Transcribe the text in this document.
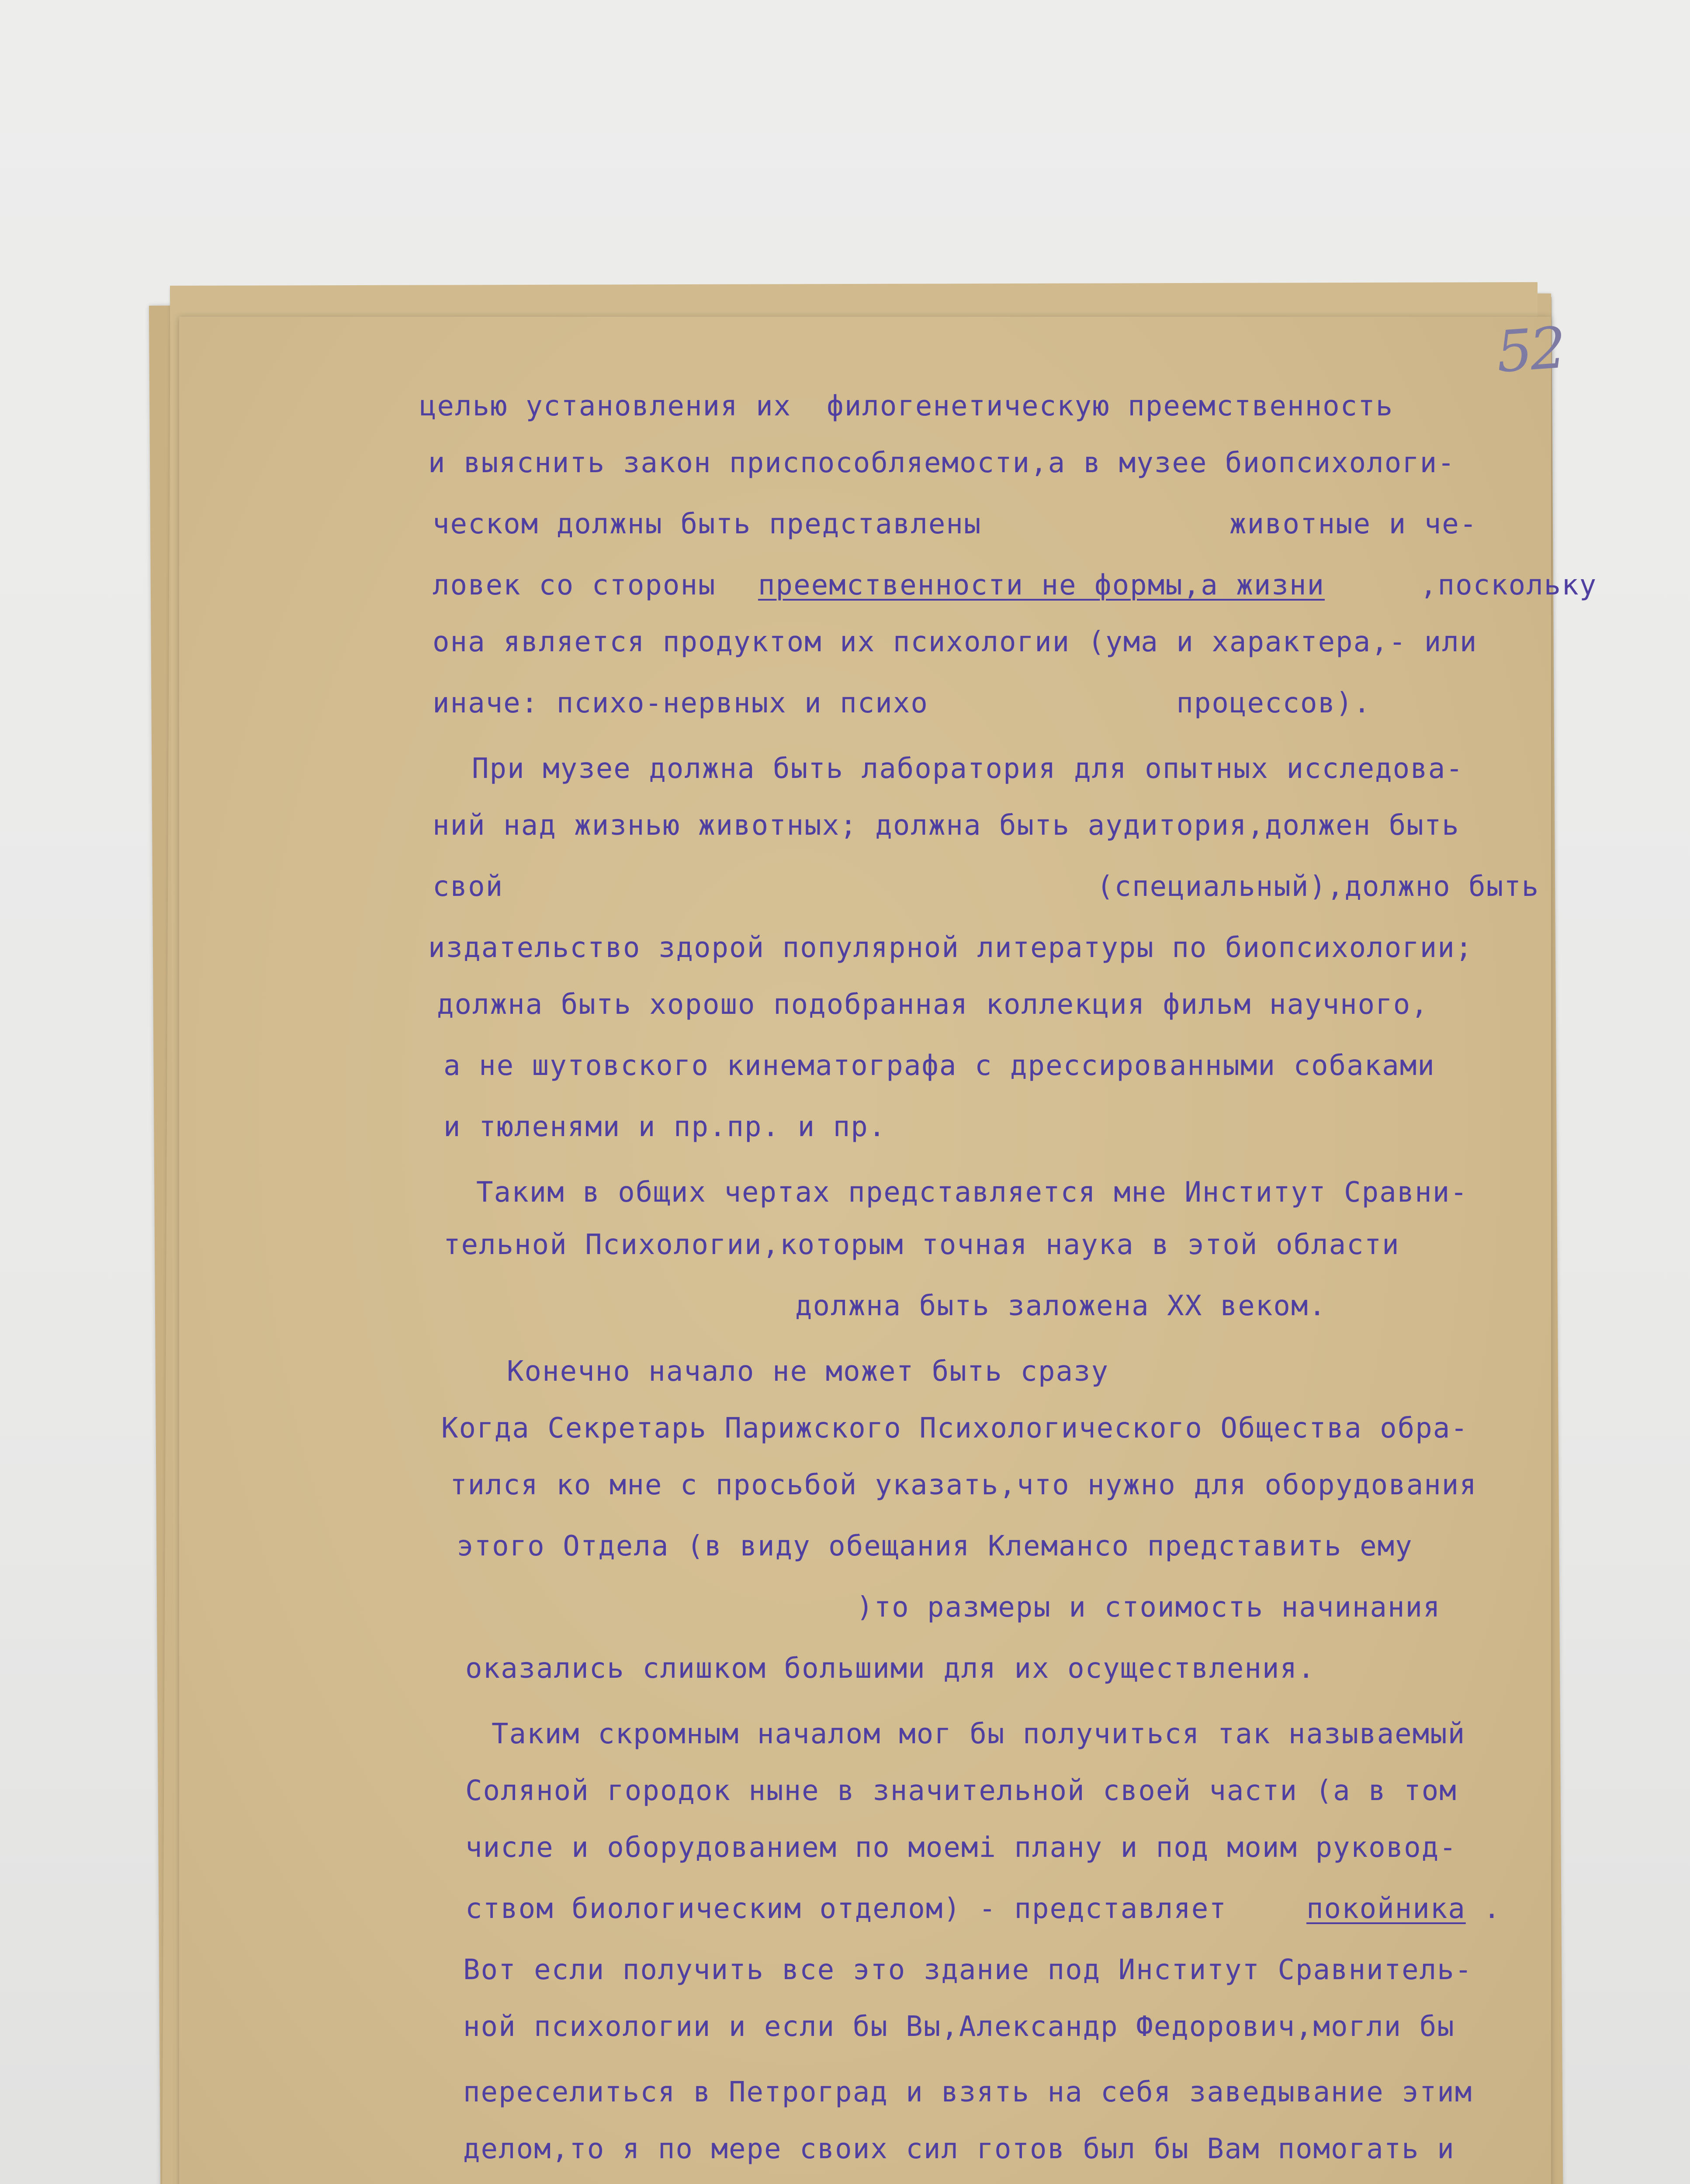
52

целью установления их  филогенетическую преемственность

и выяснить закон приспособляемости,а в музее биопсихологи-

ческом должны быть представлены              животные и че-

ловек со стороны

преемственности не формы,а жизни

	,поскольку

она является продуктом их психологии (ума и характера,- или

иначе: психо-нервных и психо              процессов).

При музее должна быть лаборатория для опытных исследова-

ний над жизнью животных; должна быть аудитория,должен быть

свой

	(специальный),должно быть

издательство здорой популярной литературы по биопсихологии;

должна быть хорошо подобранная коллекция фильм научного,

а не шутовского кинематографа с дрессированными собаками

и тюленями и пр.пр. и пр.

Таким в общих чертах представляется мне Институт Сравни-

тельной Психологии,которым точная наука в этой области

должна быть заложена ХХ веком.

Конечно начало не может быть сразу

Когда Секретарь Парижского Психологического Общества обра-

тился ко мне с просьбой указать,что нужно для оборудования

этого Отдела (в виду обещания Клемансо представить ему

)то размеры и стоимость начинания

оказались слишком большими для их осуществления.

Таким скромным началом мог бы получиться так называемый

Соляной городок ныне в значительной своей части (а в том

числе и оборудованием по моемі плану и под моим руковод-

ством биологическим отделом) - представляет

покойника

.

Вот если получить все это здание под Институт Сравнитель-

ной психологии и если бы Вы,Александр Федорович,могли бы

переселиться в Петроград и взять на себя заведывание этим

делом,то я по мере своих сил готов был бы Вам помогать и
